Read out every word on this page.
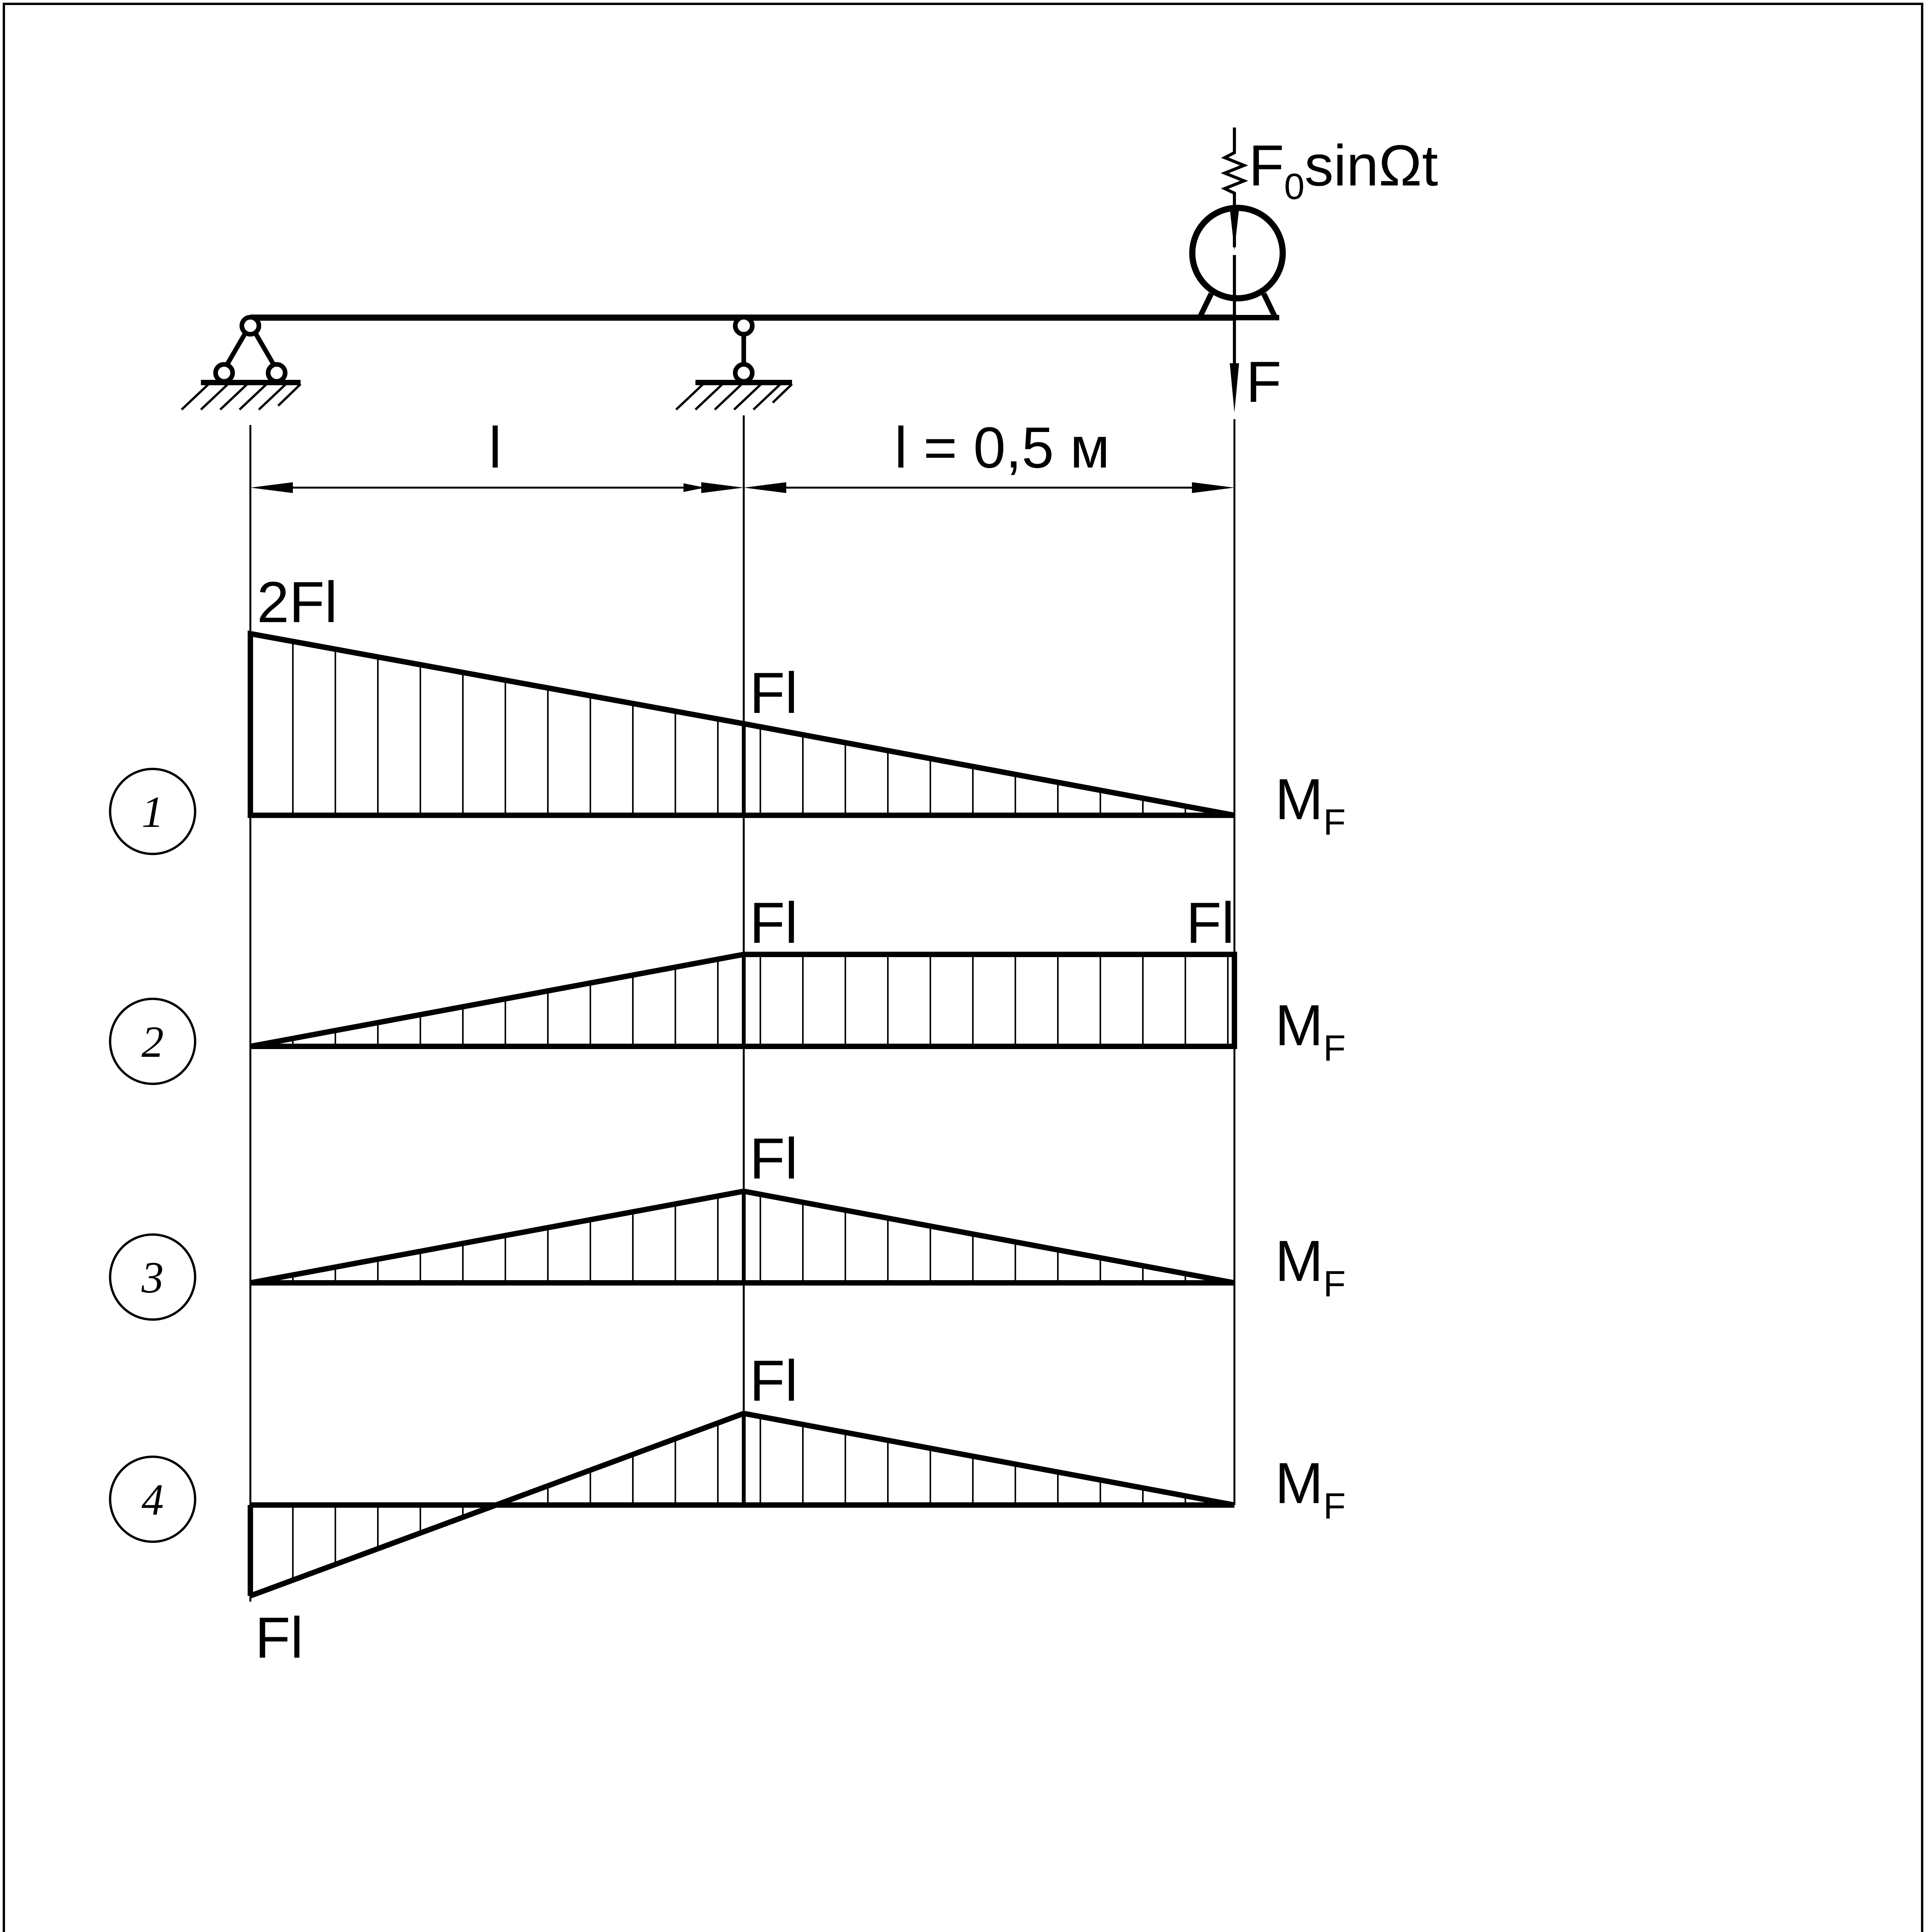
$F_0\sin\Omega t$
F
l	l = 0,5 м
1
2Fl
Fl
$M_F$
2
Fl	Fl
$M_F$
3
Fl
$M_F$
4
Fl
Fl
$M_F$
